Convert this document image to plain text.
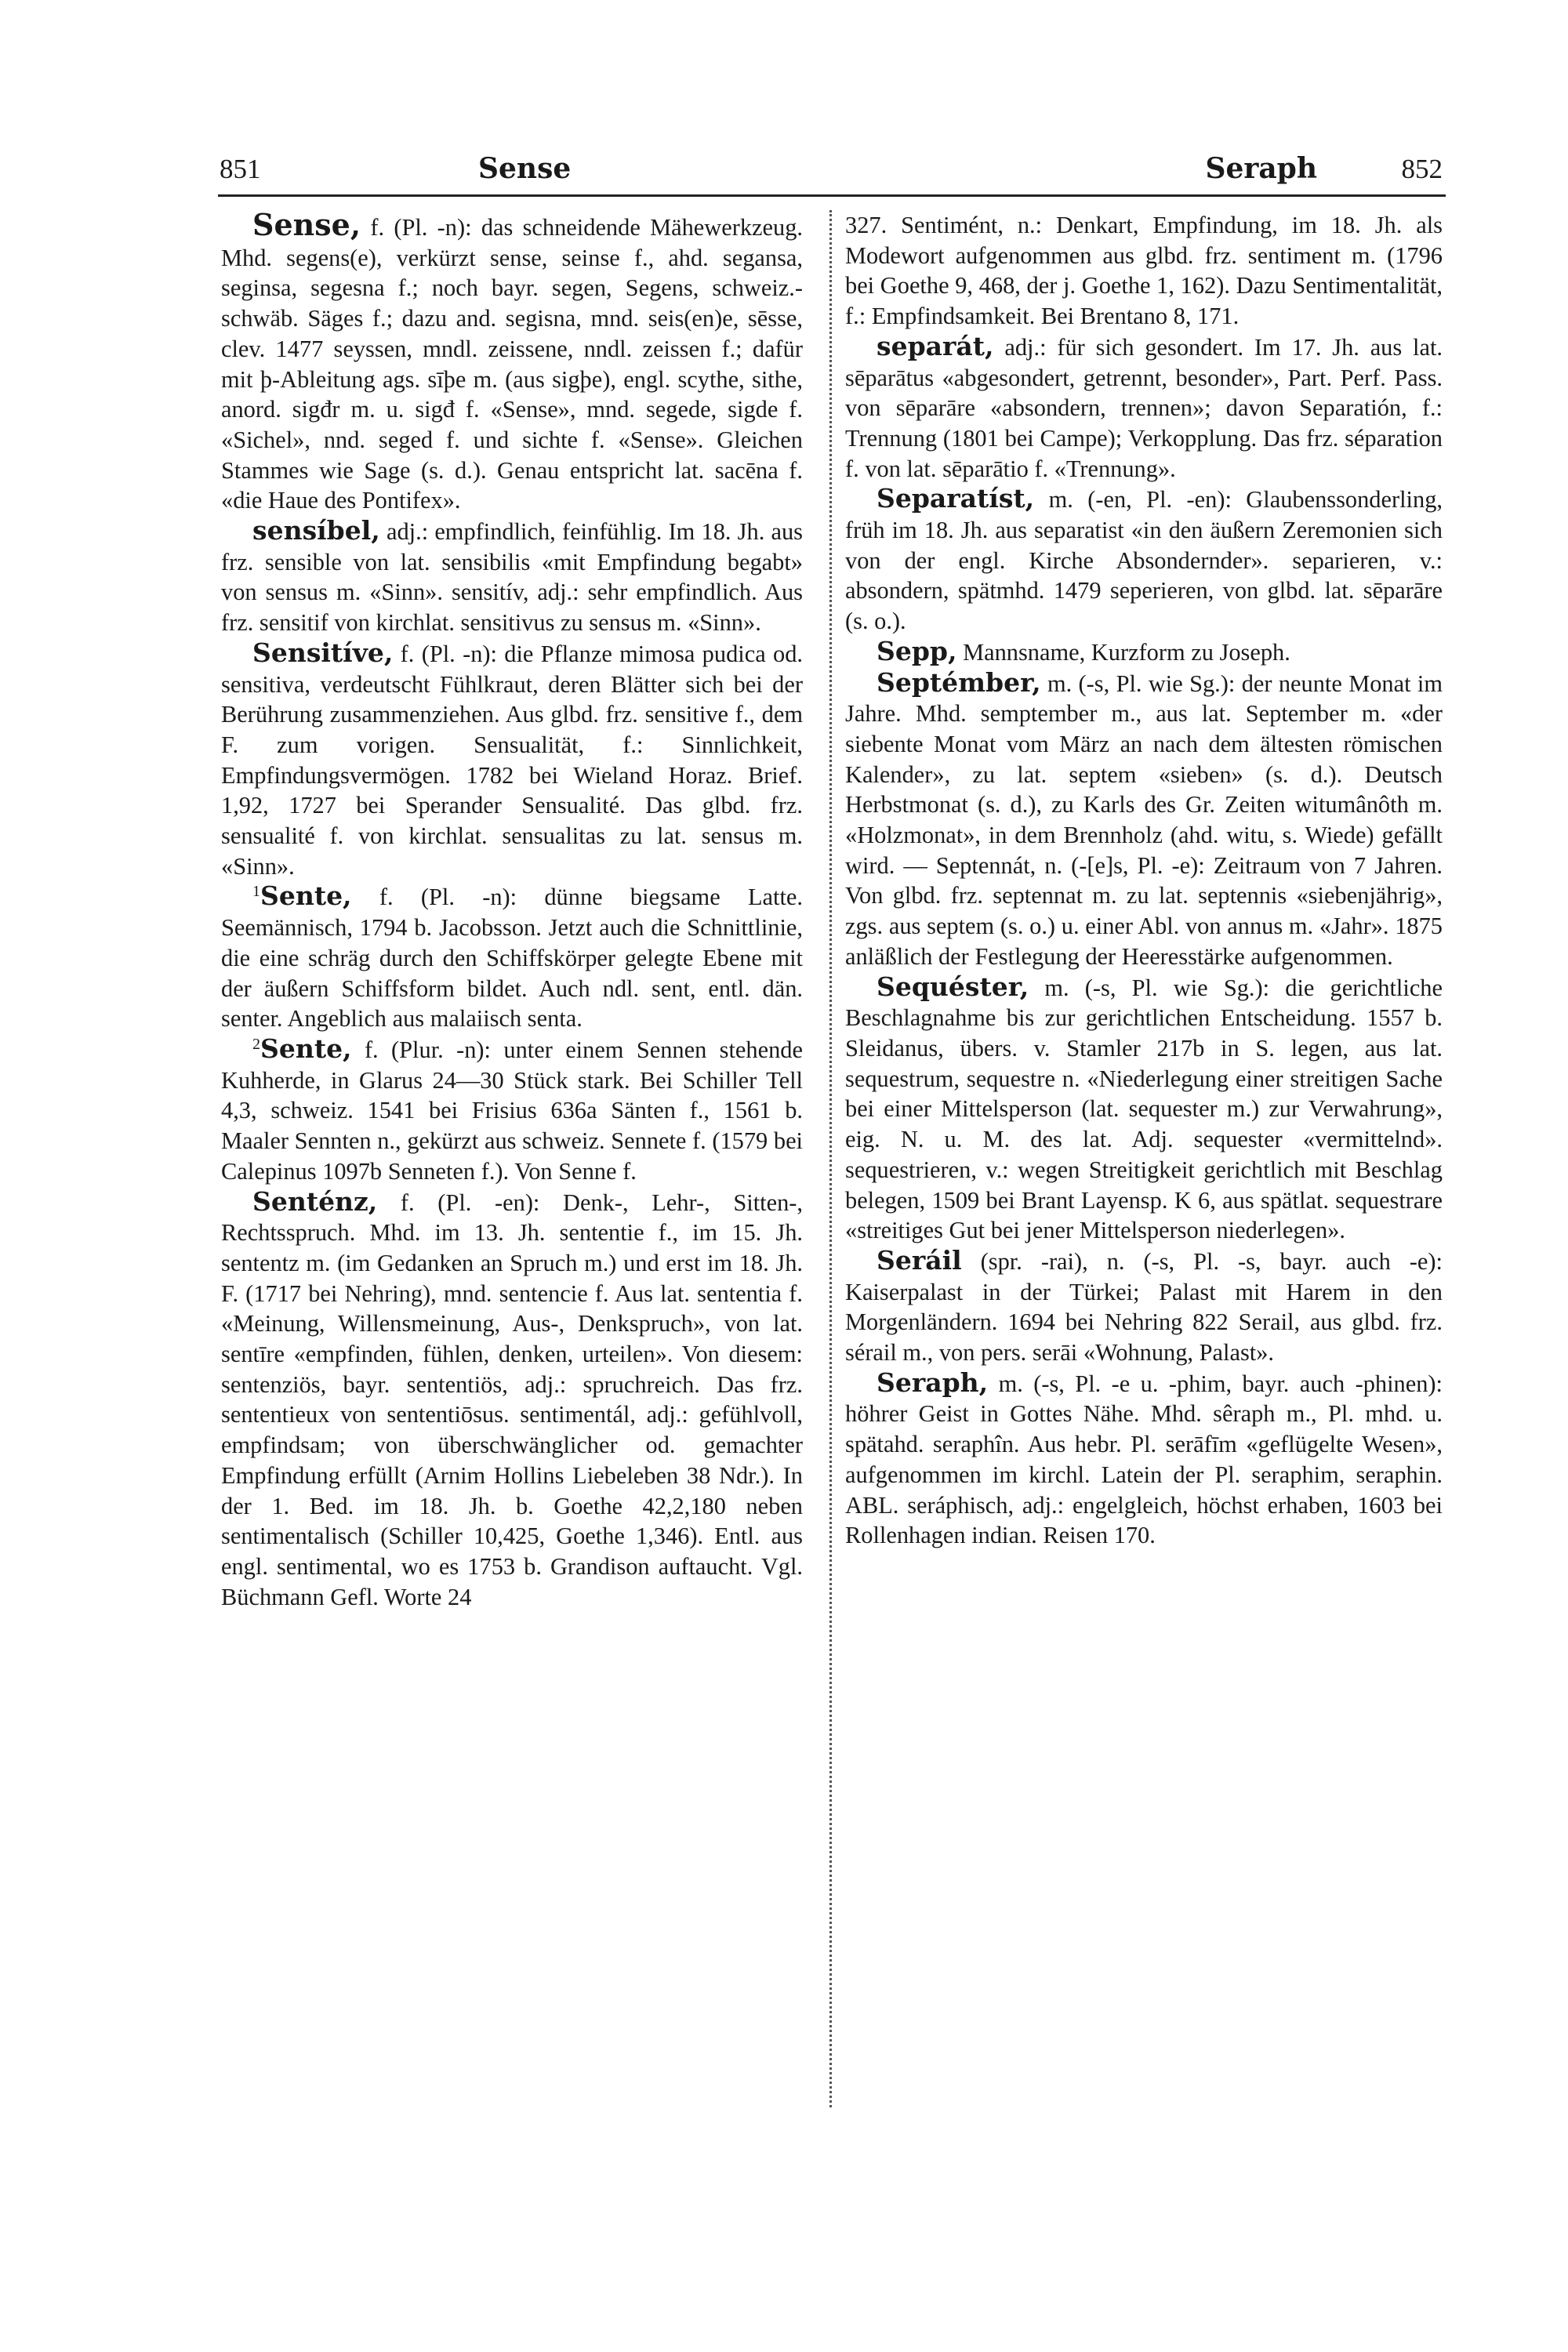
851	Sense	Seraph	852

Sense, f. (Pl. -n): das schneidende Mähewerkzeug. Mhd. segens(e), verkürzt sense, seinse f., ahd. segansa, seginsa, segesna f.; noch bayr. segen, Segens, schweiz.-schwäb. Säges f.; dazu and. segisna, mnd. seis(en)e, sēsse, clev. 1477 seyssen, mndl. zeissene, nndl. zeissen f.; dafür mit þ-Ableitung ags. sīþe m. (aus sigþe), engl. scythe, sithe, anord. sigđr m. u. sigđ f. «Sense», mnd. segede, sigde f. «Sichel», nnd. seged f. und sichte f. «Sense». Gleichen Stammes wie Sage (s. d.). Genau entspricht lat. sacēna f. «die Haue des Pontifex».

sensíbel, adj.: empfindlich, feinfühlig. Im 18. Jh. aus frz. sensible von lat. sensibilis «mit Empfindung begabt» von sensus m. «Sinn». sensitív, adj.: sehr empfindlich. Aus frz. sensitif von kirchlat. sensitivus zu sensus m. «Sinn».

Sensitíve, f. (Pl. -n): die Pflanze mimosa pudica od. sensitiva, verdeutscht Fühlkraut, deren Blätter sich bei der Berührung zusammenziehen. Aus glbd. frz. sensitive f., dem F. zum vorigen. Sensualität, f.: Sinnlichkeit, Empfindungsvermögen. 1782 bei Wieland Horaz. Brief. 1,92, 1727 bei Sperander Sensualité. Das glbd. frz. sensualité f. von kirchlat. sensualitas zu lat. sensus m. «Sinn».

$^1$Sente, f. (Pl. -n): dünne biegsame Latte. Seemännisch, 1794 b. Jacobsson. Jetzt auch die Schnittlinie, die eine schräg durch den Schiffskörper gelegte Ebene mit der äußern Schiffsform bildet. Auch ndl. sent, entl. dän. senter. Angeblich aus malaiisch senta.

$^2$Sente, f. (Plur. -n): unter einem Sennen stehende Kuhherde, in Glarus 24—30 Stück stark. Bei Schiller Tell 4,3, schweiz. 1541 bei Frisius 636a Sänten f., 1561 b. Maaler Sennten n., gekürzt aus schweiz. Sennete f. (1579 bei Calepinus 1097b Senneten f.). Von Senne f.

Senténz, f. (Pl. -en): Denk-, Lehr-, Sitten-, Rechtsspruch. Mhd. im 13. Jh. sententie f., im 15. Jh. sententz m. (im Gedanken an Spruch m.) und erst im 18. Jh. F. (1717 bei Nehring), mnd. sentencie f. Aus lat. sententia f. «Meinung, Willensmeinung, Aus-, Denkspruch», von lat. sentīre «empfinden, fühlen, denken, urteilen». Von diesem: sentenziös, bayr. sententiös, adj.: spruchreich. Das frz. sententieux von sententiōsus. sentimentál, adj.: gefühlvoll, empfindsam; von überschwänglicher od. gemachter Empfindung erfüllt (Arnim Hollins Liebeleben 38 Ndr.). In der 1. Bed. im 18. Jh. b. Goethe 42,2,180 neben sentimentalisch (Schiller 10,425, Goethe 1,346). Entl. aus engl. sentimental, wo es 1753 b. Grandison auftaucht. Vgl. Büchmann Gefl. Worte 24

327. Sentimént, n.: Denkart, Empfindung, im 18. Jh. als Modewort aufgenommen aus glbd. frz. sentiment m. (1796 bei Goethe 9, 468, der j. Goethe 1, 162). Dazu Sentimentalität, f.: Empfindsamkeit. Bei Brentano 8, 171.

separát, adj.: für sich gesondert. Im 17. Jh. aus lat. sēparātus «abgesondert, getrennt, besonder», Part. Perf. Pass. von sēparāre «absondern, trennen»; davon Separatión, f.: Trennung (1801 bei Campe); Verkopplung. Das frz. séparation f. von lat. sēparātio f. «Trennung».

Separatíst, m. (-en, Pl. -en): Glaubenssonderling, früh im 18. Jh. aus separatist «in den äußern Zeremonien sich von der engl. Kirche Absondernder». separieren, v.: absondern, spätmhd. 1479 seperieren, von glbd. lat. sēparāre (s. o.).

Sepp, Mannsname, Kurzform zu Joseph.

Septémber, m. (-s, Pl. wie Sg.): der neunte Monat im Jahre. Mhd. semptember m., aus lat. September m. «der siebente Monat vom März an nach dem ältesten römischen Kalender», zu lat. septem «sieben» (s. d.). Deutsch Herbstmonat (s. d.), zu Karls des Gr. Zeiten witumânôth m. «Holzmonat», in dem Brennholz (ahd. witu, s. Wiede) gefällt wird. — Septennát, n. (-[e]s, Pl. -e): Zeitraum von 7 Jahren. Von glbd. frz. septennat m. zu lat. septennis «siebenjährig», zgs. aus septem (s. o.) u. einer Abl. von annus m. «Jahr». 1875 anläßlich der Festlegung der Heeresstärke aufgenommen.

Sequéster, m. (-s, Pl. wie Sg.): die gerichtliche Beschlagnahme bis zur gerichtlichen Entscheidung. 1557 b. Sleidanus, übers. v. Stamler 217b in S. legen, aus lat. sequestrum, sequestre n. «Niederlegung einer streitigen Sache bei einer Mittelsperson (lat. sequester m.) zur Verwahrung», eig. N. u. M. des lat. Adj. sequester «vermittelnd». sequestrieren, v.: wegen Streitigkeit gerichtlich mit Beschlag belegen, 1509 bei Brant Layensp. K 6, aus spätlat. sequestrare «streitiges Gut bei jener Mittelsperson niederlegen».

Seráil (spr. -rai), n. (-s, Pl. -s, bayr. auch -e): Kaiserpalast in der Türkei; Palast mit Harem in den Morgenländern. 1694 bei Nehring 822 Serail, aus glbd. frz. sérail m., von pers. serāi «Wohnung, Palast».

Seraph, m. (-s, Pl. -e u. -phim, bayr. auch -phinen): höhrer Geist in Gottes Nähe. Mhd. sêraph m., Pl. mhd. u. spätahd. seraphîn. Aus hebr. Pl. serāfīm «geflügelte Wesen», aufgenommen im kirchl. Latein der Pl. seraphim, seraphin. ABL. seráphisch, adj.: engelgleich, höchst erhaben, 1603 bei Rollenhagen indian. Reisen 170.
